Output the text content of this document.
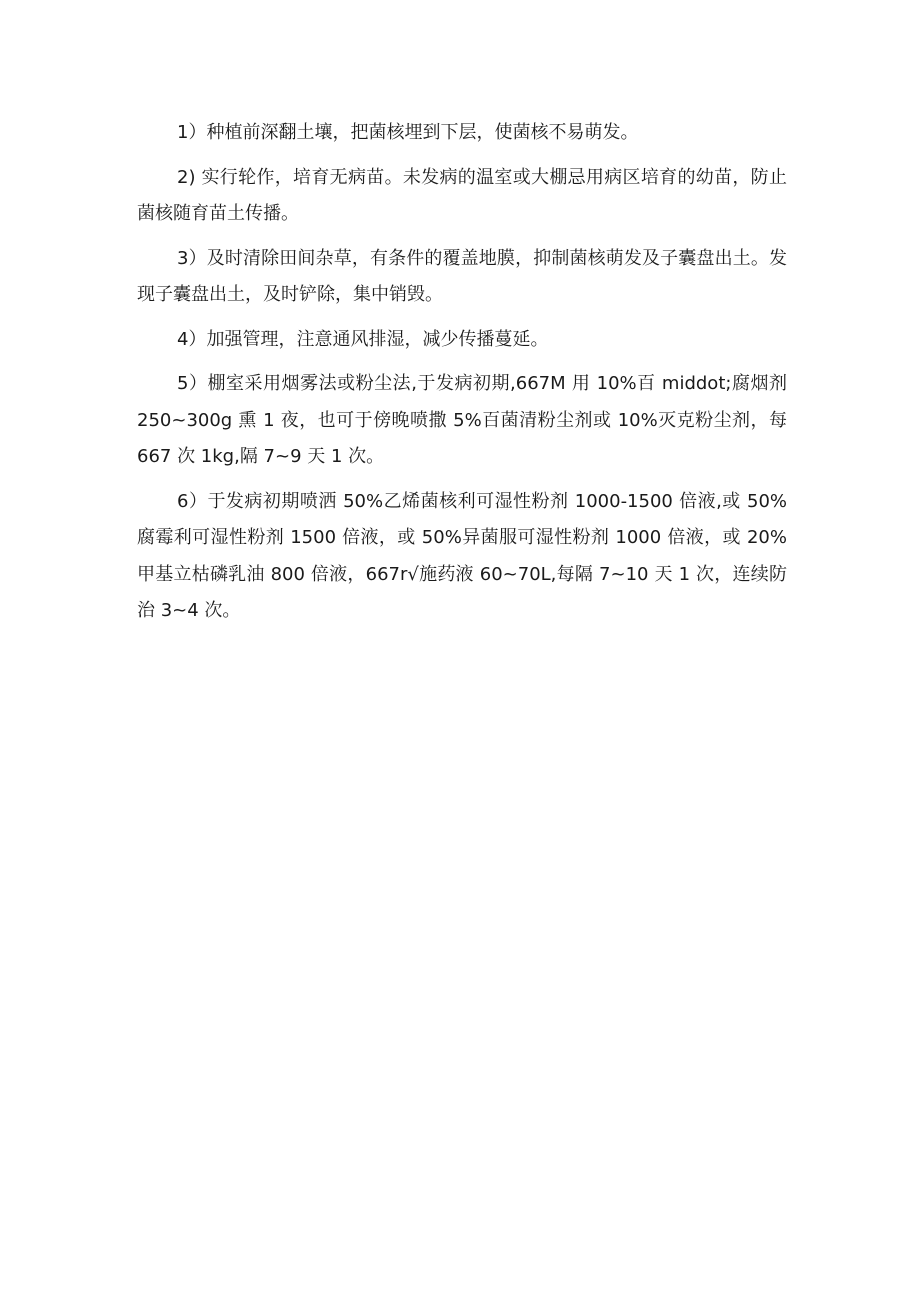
1）种植前深翻土壤，把菌核埋到下层，使菌核不易萌发。

2) 实行轮作，培育无病苗。未发病的温室或大棚忌用病区培育的幼苗，防止菌核随育苗土传播。

3）及时清除田间杂草，有条件的覆盖地膜，抑制菌核萌发及子囊盘出土。发现子囊盘出土，及时铲除，集中销毁。

4）加强管理，注意通风排湿，减少传播蔓延。

5）棚室采用烟雾法或粉尘法,于发病初期,667M 用 10%百 middot;腐烟剂 250~300g 熏 1 夜，也可于傍晚喷撒 5%百菌清粉尘剂或 10%灭克粉尘剂，每 667 次 1kg,隔 7~9 天 1 次。

6）于发病初期喷洒 50%乙烯菌核利可湿性粉剂 1000-1500 倍液,或 50%腐霉利可湿性粉剂 1500 倍液，或 50%异菌服可湿性粉剂 1000 倍液，或 20%甲基立枯磷乳油 800 倍液，667r√施药液 60~70L,每隔 7~10 天 1 次，连续防治 3~4 次。
